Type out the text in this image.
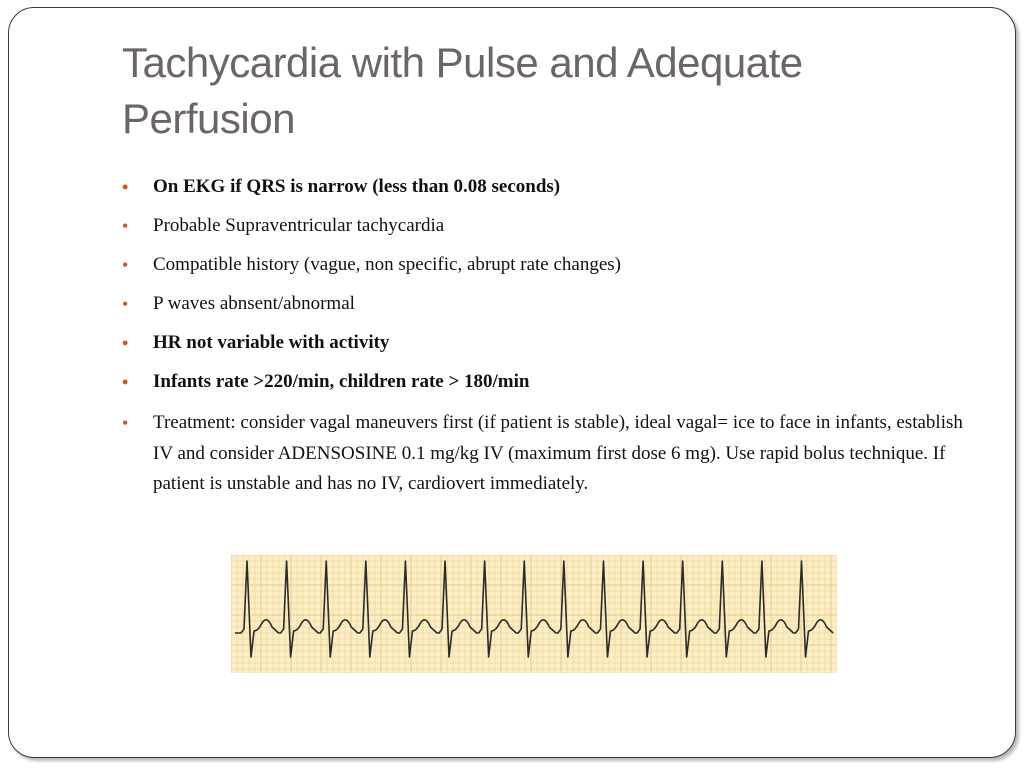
Tachycardia with Pulse and Adequate Perfusion
• On EKG if QRS is narrow (less than 0.08 seconds)
• Probable Supraventricular tachycardia
• Compatible history (vague, non specific, abrupt rate changes)
• P waves abnsent/abnormal
• HR not variable with activity
• Infants rate >220/min, children rate > 180/min
• Treatment: consider vagal maneuvers first (if patient is stable), ideal vagal= ice to face in infants, establish IV and consider ADENSOSINE 0.1 mg/kg IV (maximum first dose 6 mg). Use rapid bolus technique. If patient is unstable and has no IV, cardiovert immediately.
